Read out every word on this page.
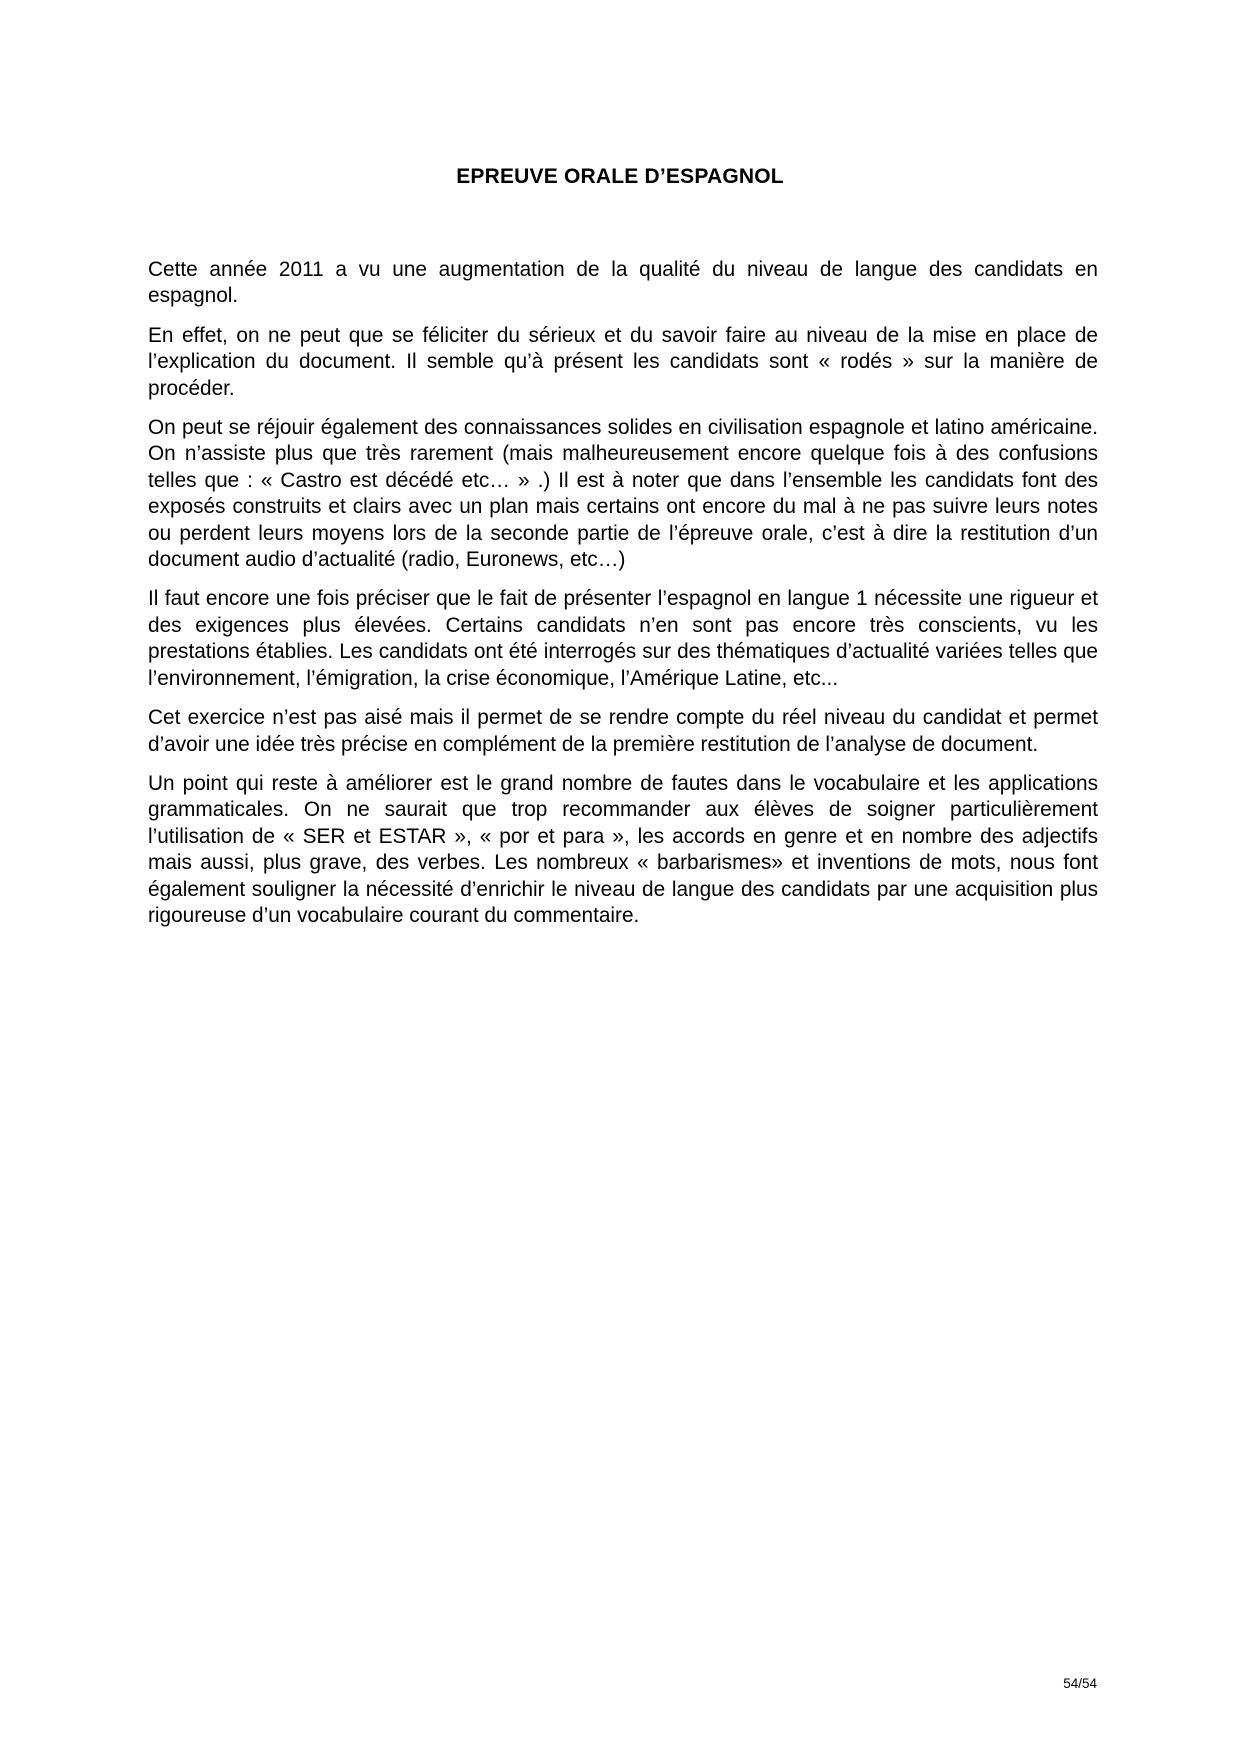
EPREUVE ORALE D’ESPAGNOL

Cette année 2011 a vu une augmentation de la qualité du niveau de langue des candidats en espagnol.

En effet, on ne peut que se féliciter du sérieux et du savoir faire au niveau de la mise en place de l’explication du document. Il semble qu’à présent les candidats sont « rodés » sur la manière de procéder.

On peut se réjouir également des connaissances solides en civilisation espagnole et latino américaine. On n’assiste plus que très rarement (mais malheureusement encore quelque fois à des confusions telles que : « Castro est décédé etc… » .) Il est à noter que dans l’ensemble les candidats font des exposés construits et clairs avec un plan mais certains ont encore du mal à ne pas suivre leurs notes ou perdent leurs moyens lors de la seconde partie de l’épreuve orale, c’est à dire la restitution d’un document audio d’actualité (radio, Euronews, etc…)

Il faut encore une fois préciser que le fait de présenter l’espagnol en langue 1 nécessite une rigueur et des exigences plus élevées. Certains candidats n’en sont pas encore très conscients, vu les prestations établies. Les candidats ont été interrogés sur des thématiques d’actualité variées telles que l’environnement, l’émigration, la crise économique, l’Amérique Latine, etc...

Cet exercice n’est pas aisé mais il permet de se rendre compte du réel niveau du candidat et permet d’avoir une idée très précise en complément de la première restitution de l’analyse de document.

Un point qui reste à améliorer est le grand nombre de fautes dans le vocabulaire et les applications grammaticales. On ne saurait que trop recommander aux élèves de soigner particulièrement l’utilisation de « SER et ESTAR », « por et para », les accords en genre et en nombre des adjectifs mais aussi, plus grave, des verbes. Les nombreux « barbarismes» et inventions de mots, nous font également souligner la nécessité d’enrichir le niveau de langue des candidats par une acquisition plus rigoureuse d’un vocabulaire courant du commentaire.

54/54
